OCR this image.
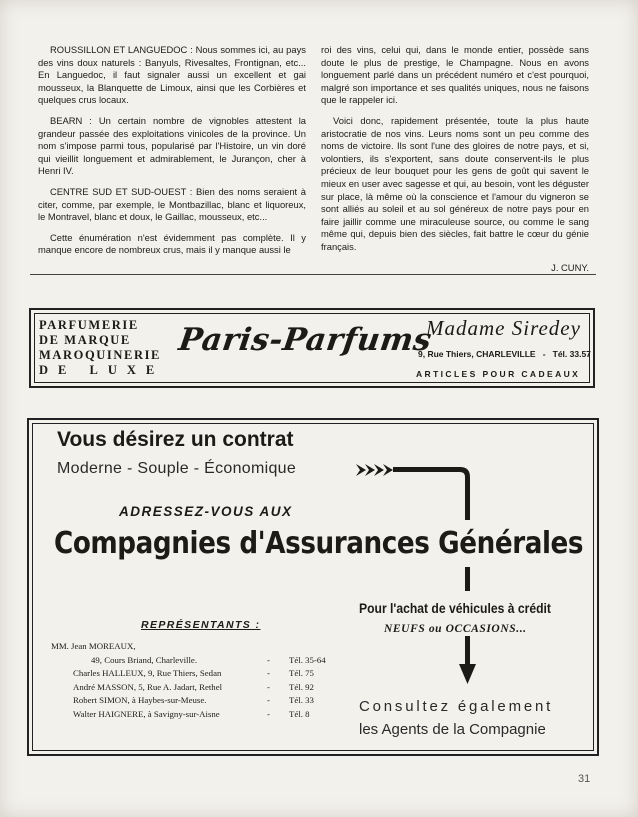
ROUSSILLON ET LANGUEDOC : Nous sommes ici, au pays des vins doux naturels : Banyuls, Rivesaltes, Frontignan, etc... En Languedoc, il faut signaler aussi un excellent et gai mousseux, la Blanquette de Limoux, ainsi que les Corbières et quelques crus locaux.

BEARN : Un certain nombre de vignobles attestent la grandeur passée des exploitations vinicoles de la province. Un nom s'impose parmi tous, popularisé par l'Histoire, un vin doré qui vieillit longuement et admirablement, le Jurançon, cher à Henri IV.

CENTRE SUD ET SUD-OUEST : Bien des noms seraient à citer, comme, par exemple, le Montbazillac, blanc et liquoreux, le Montravel, blanc et doux, le Gaillac, mousseux, etc...

Cette énumération n'est évidemment pas complète. Il y manque encore de nombreux crus, mais il y manque aussi le

roi des vins, celui qui, dans le monde entier, possède sans doute le plus de prestige, le Champagne. Nous en avons longuement parlé dans un précédent numéro et c'est pourquoi, malgré son importance et ses qualités uniques, nous ne faisons que le rappeler ici.

Voici donc, rapidement présentée, toute la plus haute aristocratie de nos vins. Leurs noms sont un peu comme des noms de victoire. Ils sont l'une des gloires de notre pays, et si, volontiers, ils s'exportent, sans doute conservent-ils le plus précieux de leur bouquet pour les gens de goût qui savent le mieux en user avec sagesse et qui, au besoin, vont les déguster sur place, là même où la conscience et l'amour du vigneron se sont alliés au soleil et au sol généreux de notre pays pour en faire jaillir comme une miraculeuse source, ou comme le sang même qui, depuis bien des siècles, fait battre le cœur du génie français.

J. CUNY.

PARFUMERIE
DE MARQUE
MAROQUINERIE
DE LUXE
Paris-Parfums
Madame Siredey
9, Rue Thiers, CHARLEVILLE   -   Tél. 33.57
ARTICLES POUR CADEAUX
Vous désirez un contrat
Moderne - Souple - Économique
ADRESSEZ-VOUS AUX
Compagnies d'Assurances Générales
Pour l'achat de véhicules à crédit
NEUFS ou OCCASIONS...
Consultez également
les Agents de la Compagnie
REPRÉSENTANTS :
MM. Jean MOREAUX,
49, Cours Briand, Charleville.	- Tél. 35-64
Charles HALLEUX, 9, Rue Thiers, Sedan	- Tél. 75
André MASSON, 5, Rue A. Jadart, Rethel	- Tél. 92
Robert SIMON, à Haybes-sur-Meuse.	- Tél. 33
Walter HAIGNERE, à Savigny-sur-Aisne	- Tél. 8
31
